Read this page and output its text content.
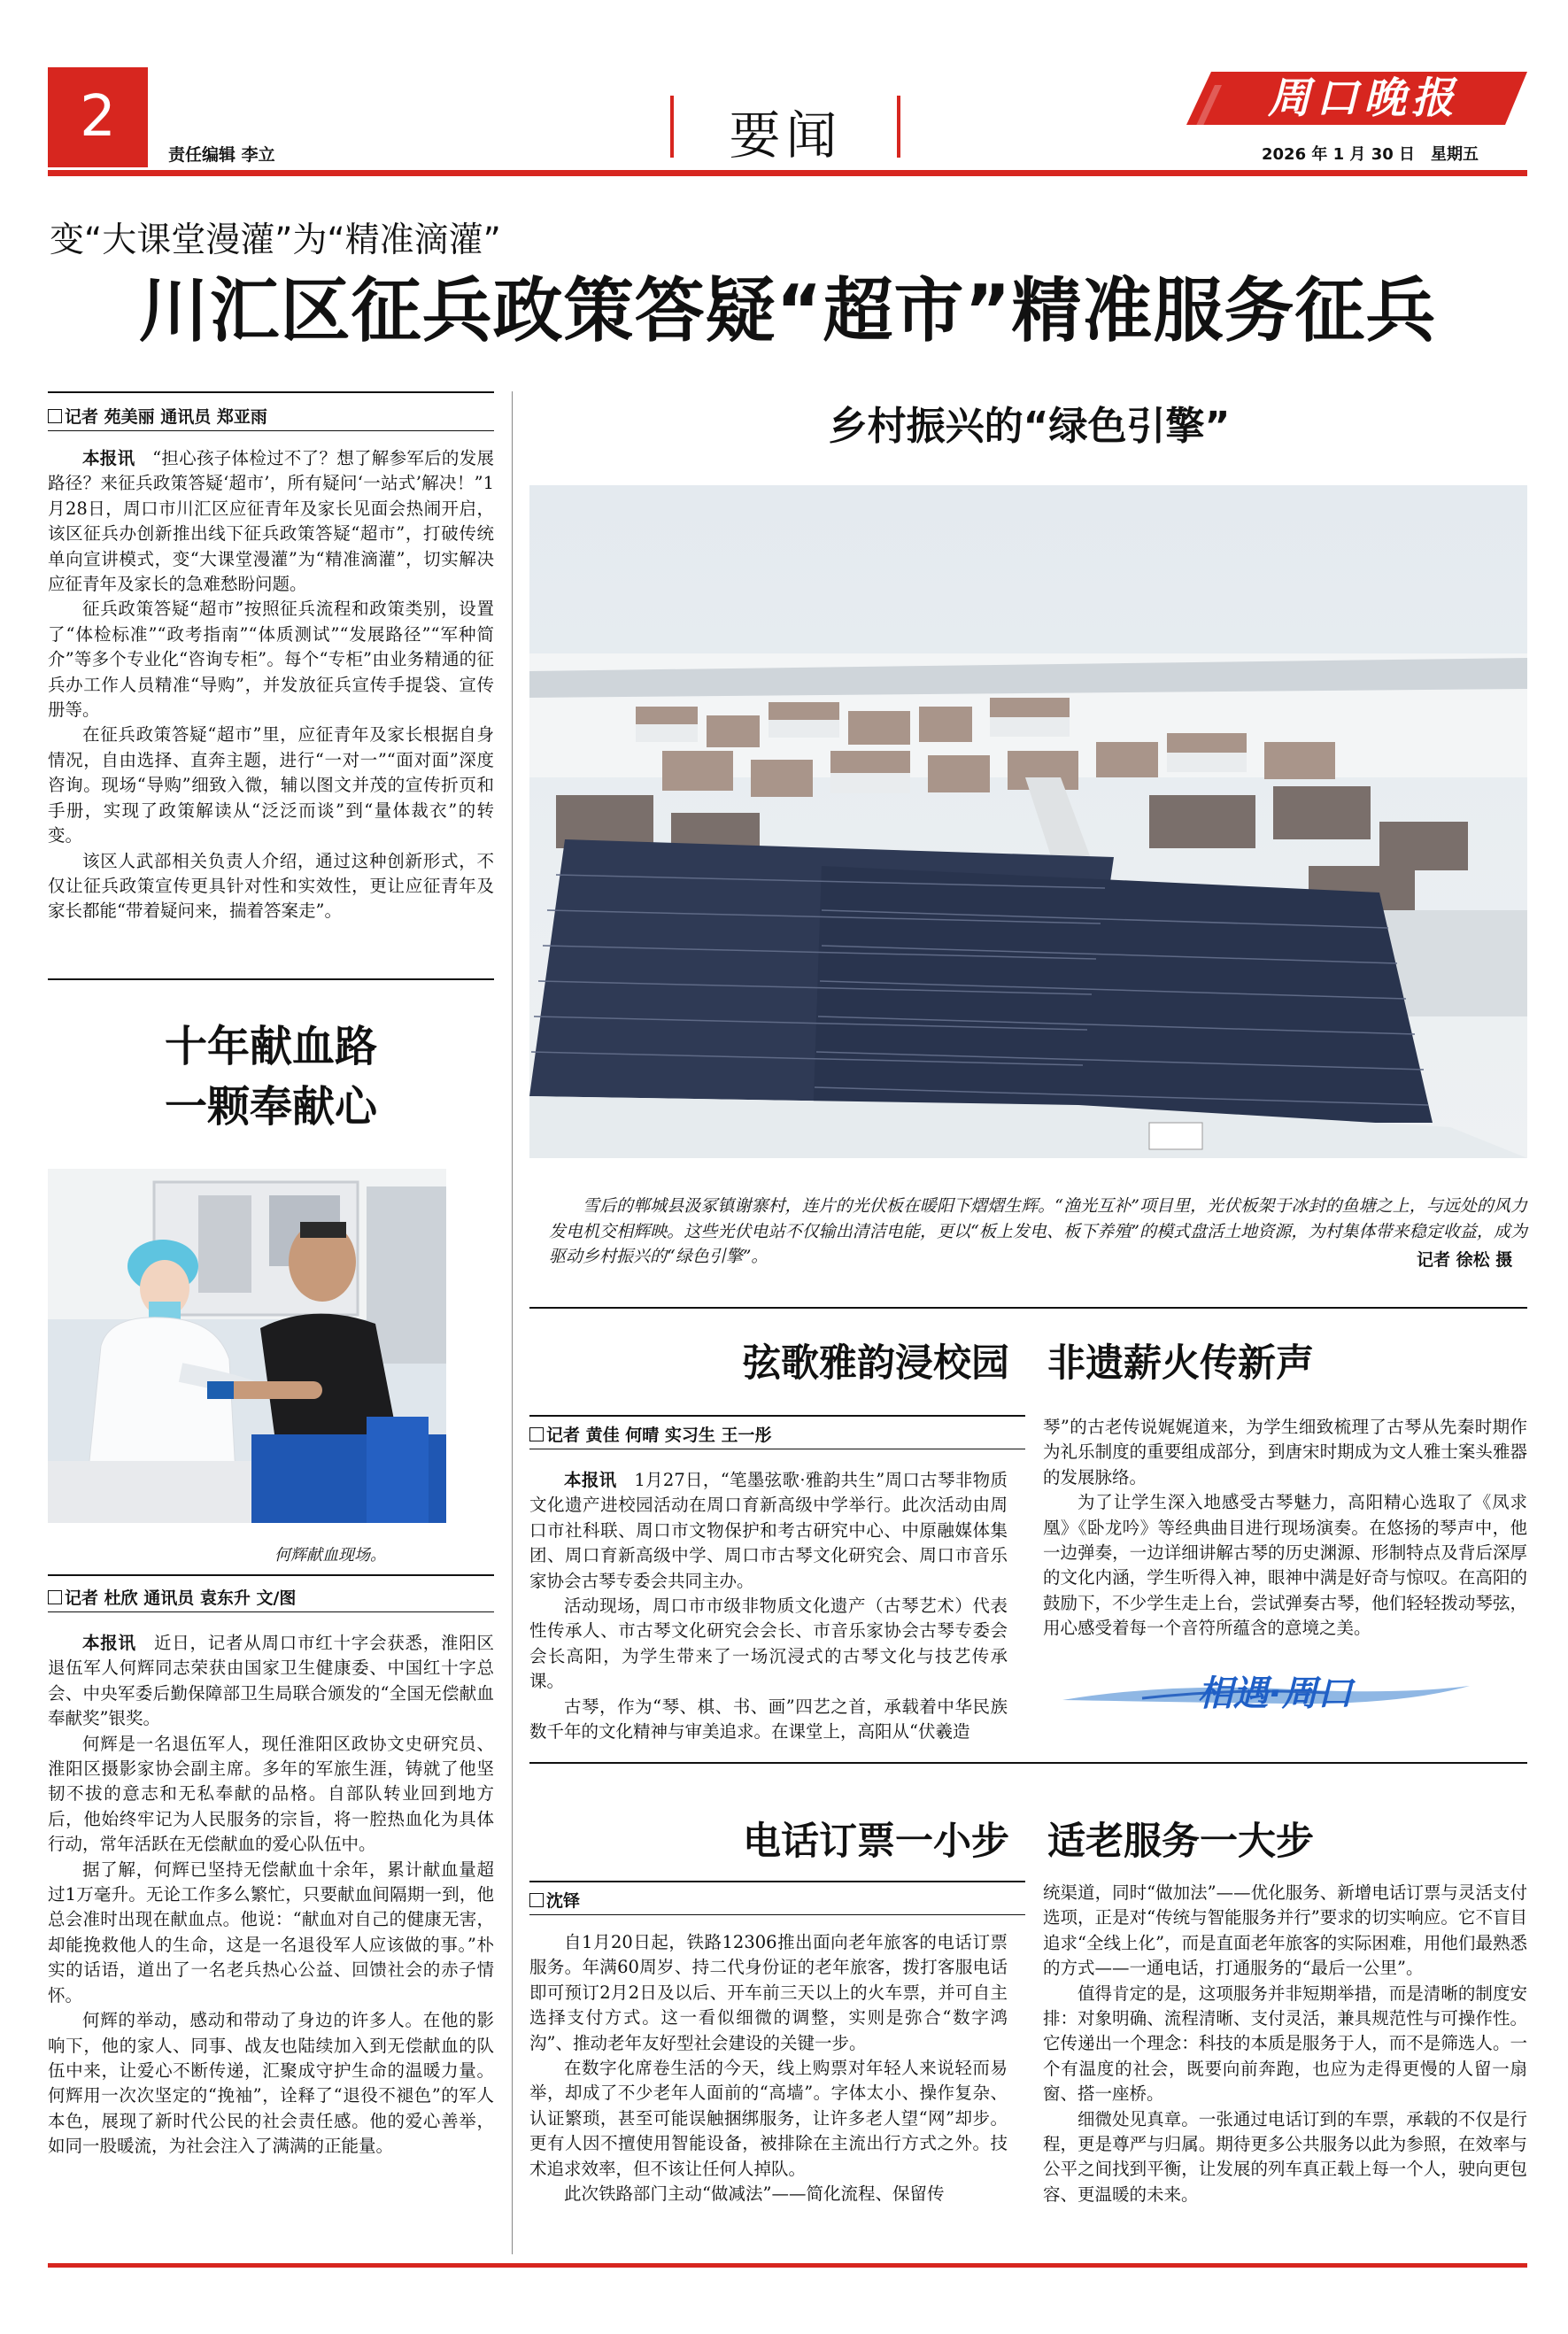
2
责任编辑 李立	要闻
周口晚报
2026 年 1 月 30 日　星期五
变“大课堂漫灌”为“精准滴灌”
川汇区征兵政策答疑“超市”精准服务征兵
记者 苑美丽 通讯员 郑亚雨

本报讯　 “担心孩子体检过不了？想了解参军后的发展路径？来征兵政策答疑‘超市’，所有疑问‘一站式’解决！”1月28日，周口市川汇区应征青年及家长见面会热闹开启，该区征兵办创新推出线下征兵政策答疑“超市”，打破传统单向宣讲模式，变“大课堂漫灌”为“精准滴灌”，切实解决应征青年及家长的急难愁盼问题。

征兵政策答疑“超市”按照征兵流程和政策类别，设置了“体检标准”“政考指南”“体质测试”“发展路径”“军种简介”等多个专业化“咨询专柜”。每个“专柜”由业务精通的征兵办工作人员精准“导购”，并发放征兵宣传手提袋、宣传册等。

在征兵政策答疑“超市”里，应征青年及家长根据自身情况，自由选择、直奔主题，进行“一对一”“面对面”深度咨询。现场“导购”细致入微，辅以图文并茂的宣传折页和手册，实现了政策解读从“泛泛而谈”到“量体裁衣”的转变。

该区人武部相关负责人介绍，通过这种创新形式，不仅让征兵政策宣传更具针对性和实效性，更让应征青年及家长都能“带着疑问来，揣着答案走”。

十年献血路
一颗奉献心
何辉献血现场。
记者 杜欣 通讯员 袁东升 文/图

本报讯　 近日，记者从周口市红十字会获悉，淮阳区退伍军人何辉同志荣获由国家卫生健康委、中国红十字总会、中央军委后勤保障部卫生局联合颁发的“全国无偿献血奉献奖”银奖。

何辉是一名退伍军人，现任淮阳区政协文史研究员、淮阳区摄影家协会副主席。多年的军旅生涯，铸就了他坚韧不拔的意志和无私奉献的品格。自部队转业回到地方后，他始终牢记为人民服务的宗旨，将一腔热血化为具体行动，常年活跃在无偿献血的爱心队伍中。

据了解，何辉已坚持无偿献血十余年，累计献血量超过1万毫升。无论工作多么繁忙，只要献血间隔期一到，他总会准时出现在献血点。他说：“献血对自己的健康无害，却能挽救他人的生命，这是一名退役军人应该做的事。”朴实的话语，道出了一名老兵热心公益、回馈社会的赤子情怀。

何辉的举动，感动和带动了身边的许多人。在他的影响下，他的家人、同事、战友也陆续加入到无偿献血的队伍中来，让爱心不断传递，汇聚成守护生命的温暖力量。何辉用一次次坚定的“挽袖”，诠释了“退役不褪色”的军人本色，展现了新时代公民的社会责任感。他的爱心善举，如同一股暖流，为社会注入了满满的正能量。

乡村振兴的“绿色引擎”
雪后的郸城县汲冢镇谢寨村，连片的光伏板在暖阳下熠熠生辉。“渔光互补”项目里，光伏板架于冰封的鱼塘之上，与远处的风力发电机交相辉映。这些光伏电站不仅输出清洁电能，更以“板上发电、板下养殖”的模式盘活土地资源，为村集体带来稳定收益，成为驱动乡村振兴的“绿色引擎”。	记者 徐松 摄
弦歌雅韵浸校园　非遗薪火传新声
记者 黄佳 何晴 实习生 王一彤

本报讯　 1月27日，“笔墨弦歌·雅韵共生”周口古琴非物质文化遗产进校园活动在周口育新高级中学举行。此次活动由周口市社科联、周口市文物保护和考古研究中心、中原融媒体集团、周口育新高级中学、周口市古琴文化研究会、周口市音乐家协会古琴专委会共同主办。

活动现场，周口市市级非物质文化遗产（古琴艺术）代表性传承人、市古琴文化研究会会长、市音乐家协会古琴专委会会长高阳，为学生带来了一场沉浸式的古琴文化与技艺传承课。

古琴，作为“琴、棋、书、画”四艺之首，承载着中华民族数千年的文化精神与审美追求。在课堂上，高阳从“伏羲造

琴”的古老传说娓娓道来，为学生细致梳理了古琴从先秦时期作为礼乐制度的重要组成部分，到唐宋时期成为文人雅士案头雅器的发展脉络。

为了让学生深入地感受古琴魅力，高阳精心选取了《凤求凰》《卧龙吟》等经典曲目进行现场演奏。在悠扬的琴声中，他一边弹奏，一边详细讲解古琴的历史渊源、形制特点及背后深厚的文化内涵，学生听得入神，眼神中满是好奇与惊叹。在高阳的鼓励下，不少学生走上台，尝试弹奏古琴，他们轻轻拨动琴弦，用心感受着每一个音符所蕴含的意境之美。

相遇·周口
电话订票一小步　适老服务一大步
沈铎

自1月20日起，铁路12306推出面向老年旅客的电话订票服务。年满60周岁、持二代身份证的老年旅客，拨打客服电话即可预订2月2日及以后、开车前三天以上的火车票，并可自主选择支付方式。这一看似细微的调整，实则是弥合“数字鸿沟”、推动老年友好型社会建设的关键一步。

在数字化席卷生活的今天，线上购票对年轻人来说轻而易举，却成了不少老年人面前的“高墙”。字体太小、操作复杂、认证繁琐，甚至可能误触捆绑服务，让许多老人望“网”却步。更有人因不擅使用智能设备，被排除在主流出行方式之外。技术追求效率，但不该让任何人掉队。

此次铁路部门主动“做减法”——简化流程、保留传

统渠道，同时“做加法”——优化服务、新增电话订票与灵活支付选项，正是对“传统与智能服务并行”要求的切实响应。它不盲目追求“全线上化”，而是直面老年旅客的实际困难，用他们最熟悉的方式——一通电话，打通服务的“最后一公里”。

值得肯定的是，这项服务并非短期举措，而是清晰的制度安排：对象明确、流程清晰、支付灵活，兼具规范性与可操作性。它传递出一个理念：科技的本质是服务于人，而不是筛选人。一个有温度的社会，既要向前奔跑，也应为走得更慢的人留一扇窗、搭一座桥。

细微处见真章。一张通过电话订到的车票，承载的不仅是行程，更是尊严与归属。期待更多公共服务以此为参照，在效率与公平之间找到平衡，让发展的列车真正载上每一个人，驶向更包容、更温暖的未来。
